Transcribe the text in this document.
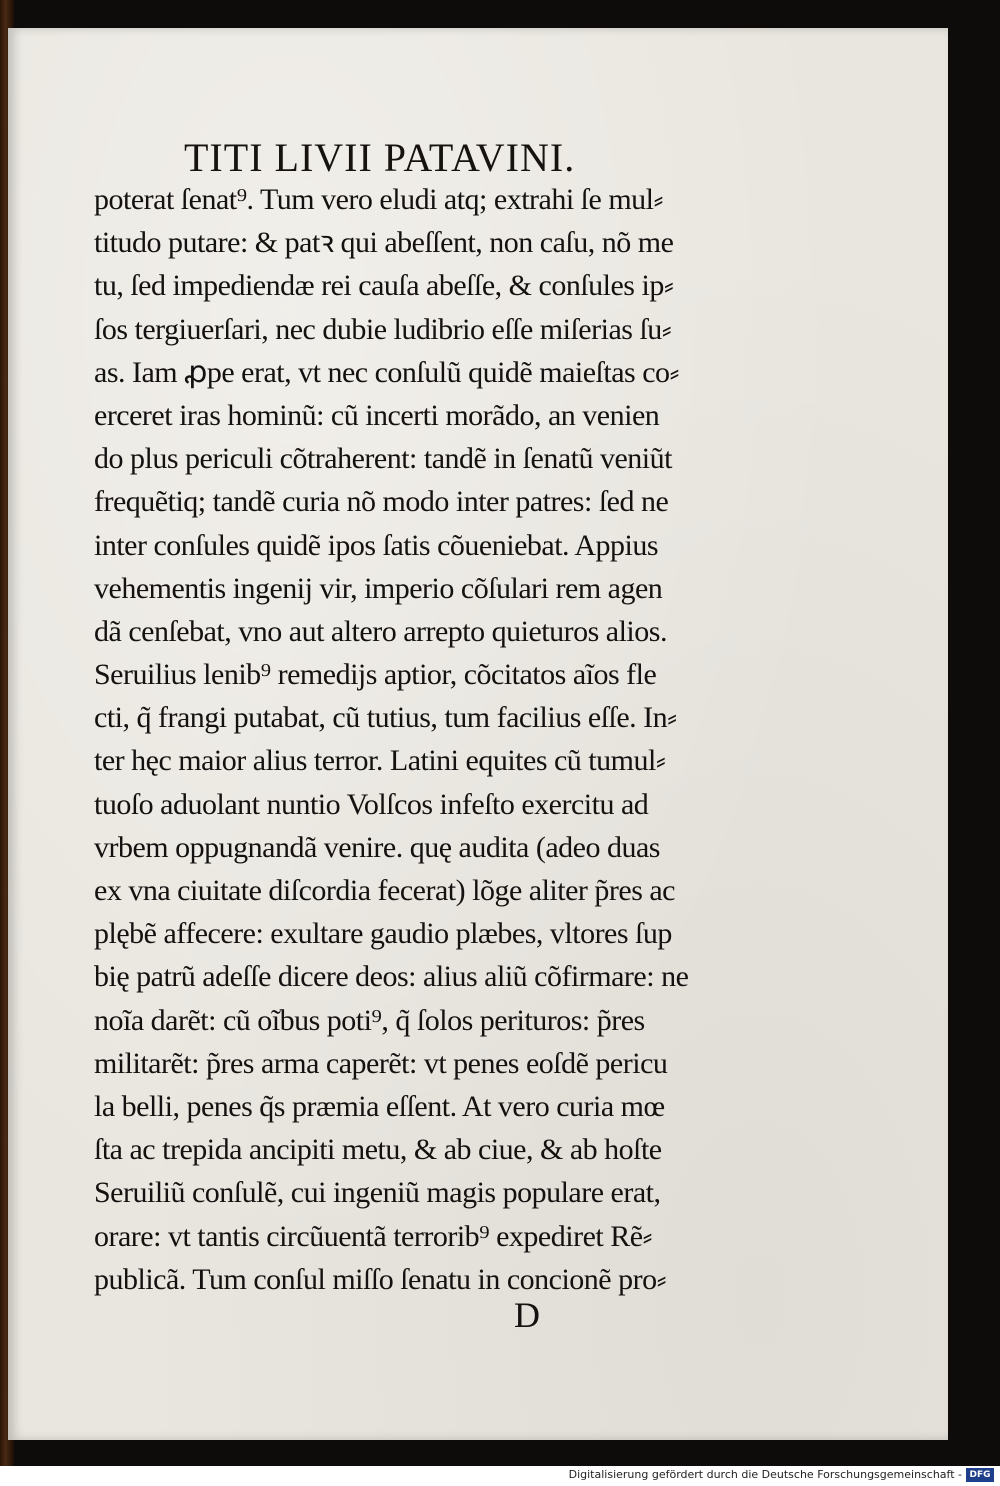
TITI LIVII PATAVINI.
poterat ſenat⁹. Tum vero eludi atq; extrahi ſe mul⸗
titudo putare: & patꝛ qui abeſſent, non caſu, nõ me
tu, ſed impediendæ rei cauſa abeſſe, & conſules ip⸗
ſos tergiuerſari, nec dubie ludibrio eſſe miſerias ſu⸗
as. Iam ꝓpe erat, vt nec conſulũ quidẽ maieſtas co⸗
erceret iras hominũ: cũ incerti morãdo, an venien
do plus periculi cõtraherent: tandẽ in ſenatũ veniũt
frequẽtiq; tandẽ curia nõ modo inter patres: ſed ne
inter conſules quidẽ ipos ſatis cõueniebat. Appius
vehementis ingenij vir, imperio cõſulari rem agen
dã cenſebat, vno aut altero arrepto quieturos alios.
Seruilius lenib⁹ remedijs aptior, cõcitatos aĩos fle
cti, q̃ frangi putabat, cũ tutius, tum facilius eſſe. In⸗
ter hęc maior alius terror. Latini equites cũ tumul⸗
tuoſo aduolant nuntio Volſcos infeſto exercitu ad
vrbem oppugnandã venire. quę audita (adeo duas
ex vna ciuitate diſcordia fecerat) lõge aliter p̃res ac
plębẽ affecere: exultare gaudio plæbes, vltores ſup
bię patrũ adeſſe dicere deos: alius aliũ cõfirmare: ne
noĩa darẽt: cũ oĩbus poti⁹, q̃ ſolos perituros: p̃res
militarẽt: p̃res arma caperẽt: vt penes eoſdẽ pericu
la belli, penes q̃s præmia eſſent. At vero curia mœ
ſta ac trepida ancipiti metu, & ab ciue, & ab hoſte
Seruiliũ conſulẽ, cui ingeniũ magis populare erat,
orare: vt tantis circũuentã terrorib⁹ expediret Rẽ⸗
publicã. Tum conſul miſſo ſenatu in concionẽ pro⸗
D
Digitalisierung gefördert durch die Deutsche Forschungsgemeinschaft - DFG
